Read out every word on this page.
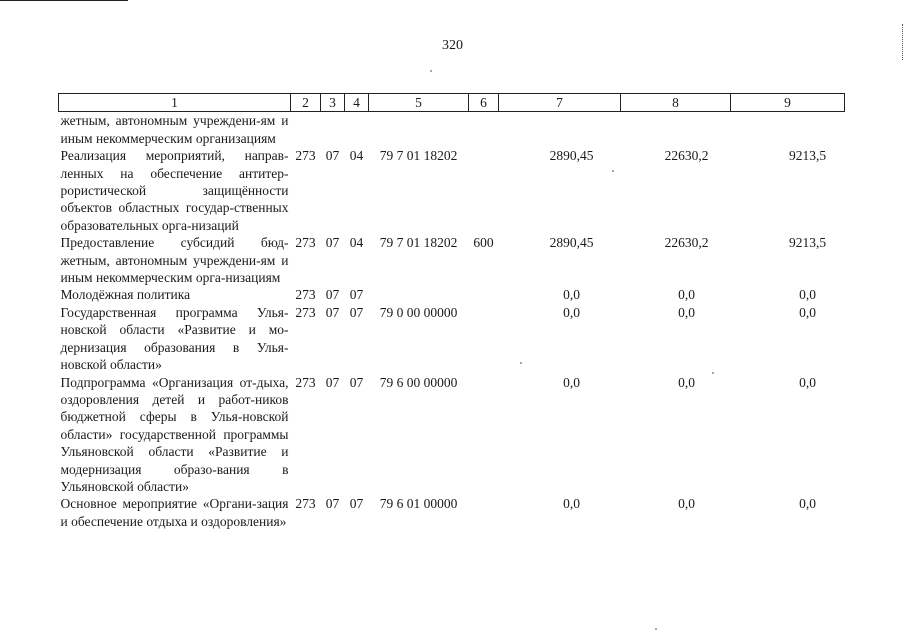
320
1	2	3	4	5	6	7	8	9
жетным, автономным учреждени-ям и иным некоммерческим организациям								
Реализация мероприятий, направ-ленных на обеспечение антитер-рористической защищённости объектов областных государ-ственных образовательных орга-низаций	273	07	04	79 7 01 18202		2890,45	22630,2	9213,5
Предоставление субсидий бюд-жетным, автономным учреждени-ям и иным некоммерческим орга-низациям	273	07	04	79 7 01 18202	600	2890,45	22630,2	9213,5
Молодёжная политика	273	07	07			0,0	0,0	0,0
Государственная программа Улья-новской области «Развитие и мо-дернизация образования в Улья-новской области»	273	07	07	79 0 00 00000		0,0	0,0	0,0
Подпрограмма «Организация от-дыха, оздоровления детей и работ-ников бюджетной сферы в Улья-новской области» государственной программы Ульяновской области «Развитие и модернизация образо-вания в Ульяновской области»	273	07	07	79 6 00 00000		0,0	0,0	0,0
Основное мероприятие «Органи-зация и обеспечение отдыха и оздоровления»	273	07	07	79 6 01 00000		0,0	0,0	0,0
